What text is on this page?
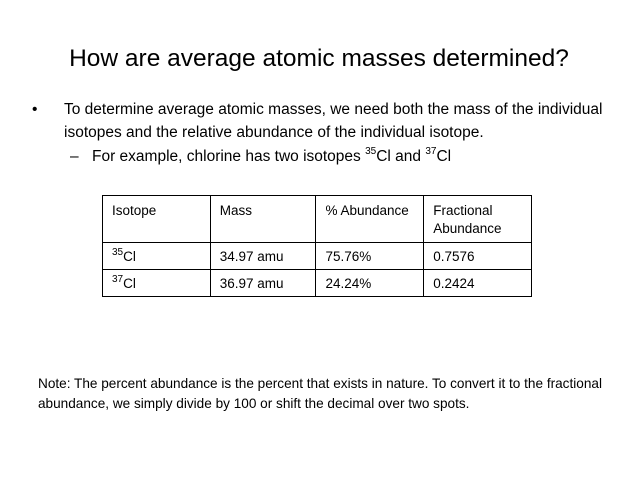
How are average atomic masses determined?
• To determine average atomic masses, we need both the mass of the individual isotopes and the relative abundance of the individual isotope.
– For example, chlorine has two isotopes $^{35}$Cl and $^{37}$Cl
Isotope	Mass	% Abundance	Fractional Abundance
$^{35}$Cl	34.97 amu	75.76%	0.7576
$^{37}$Cl	36.97 amu	24.24%	0.2424
Note: The percent abundance is the percent that exists in nature. To convert it to the fractional abundance, we simply divide by 100 or shift the decimal over two spots.
